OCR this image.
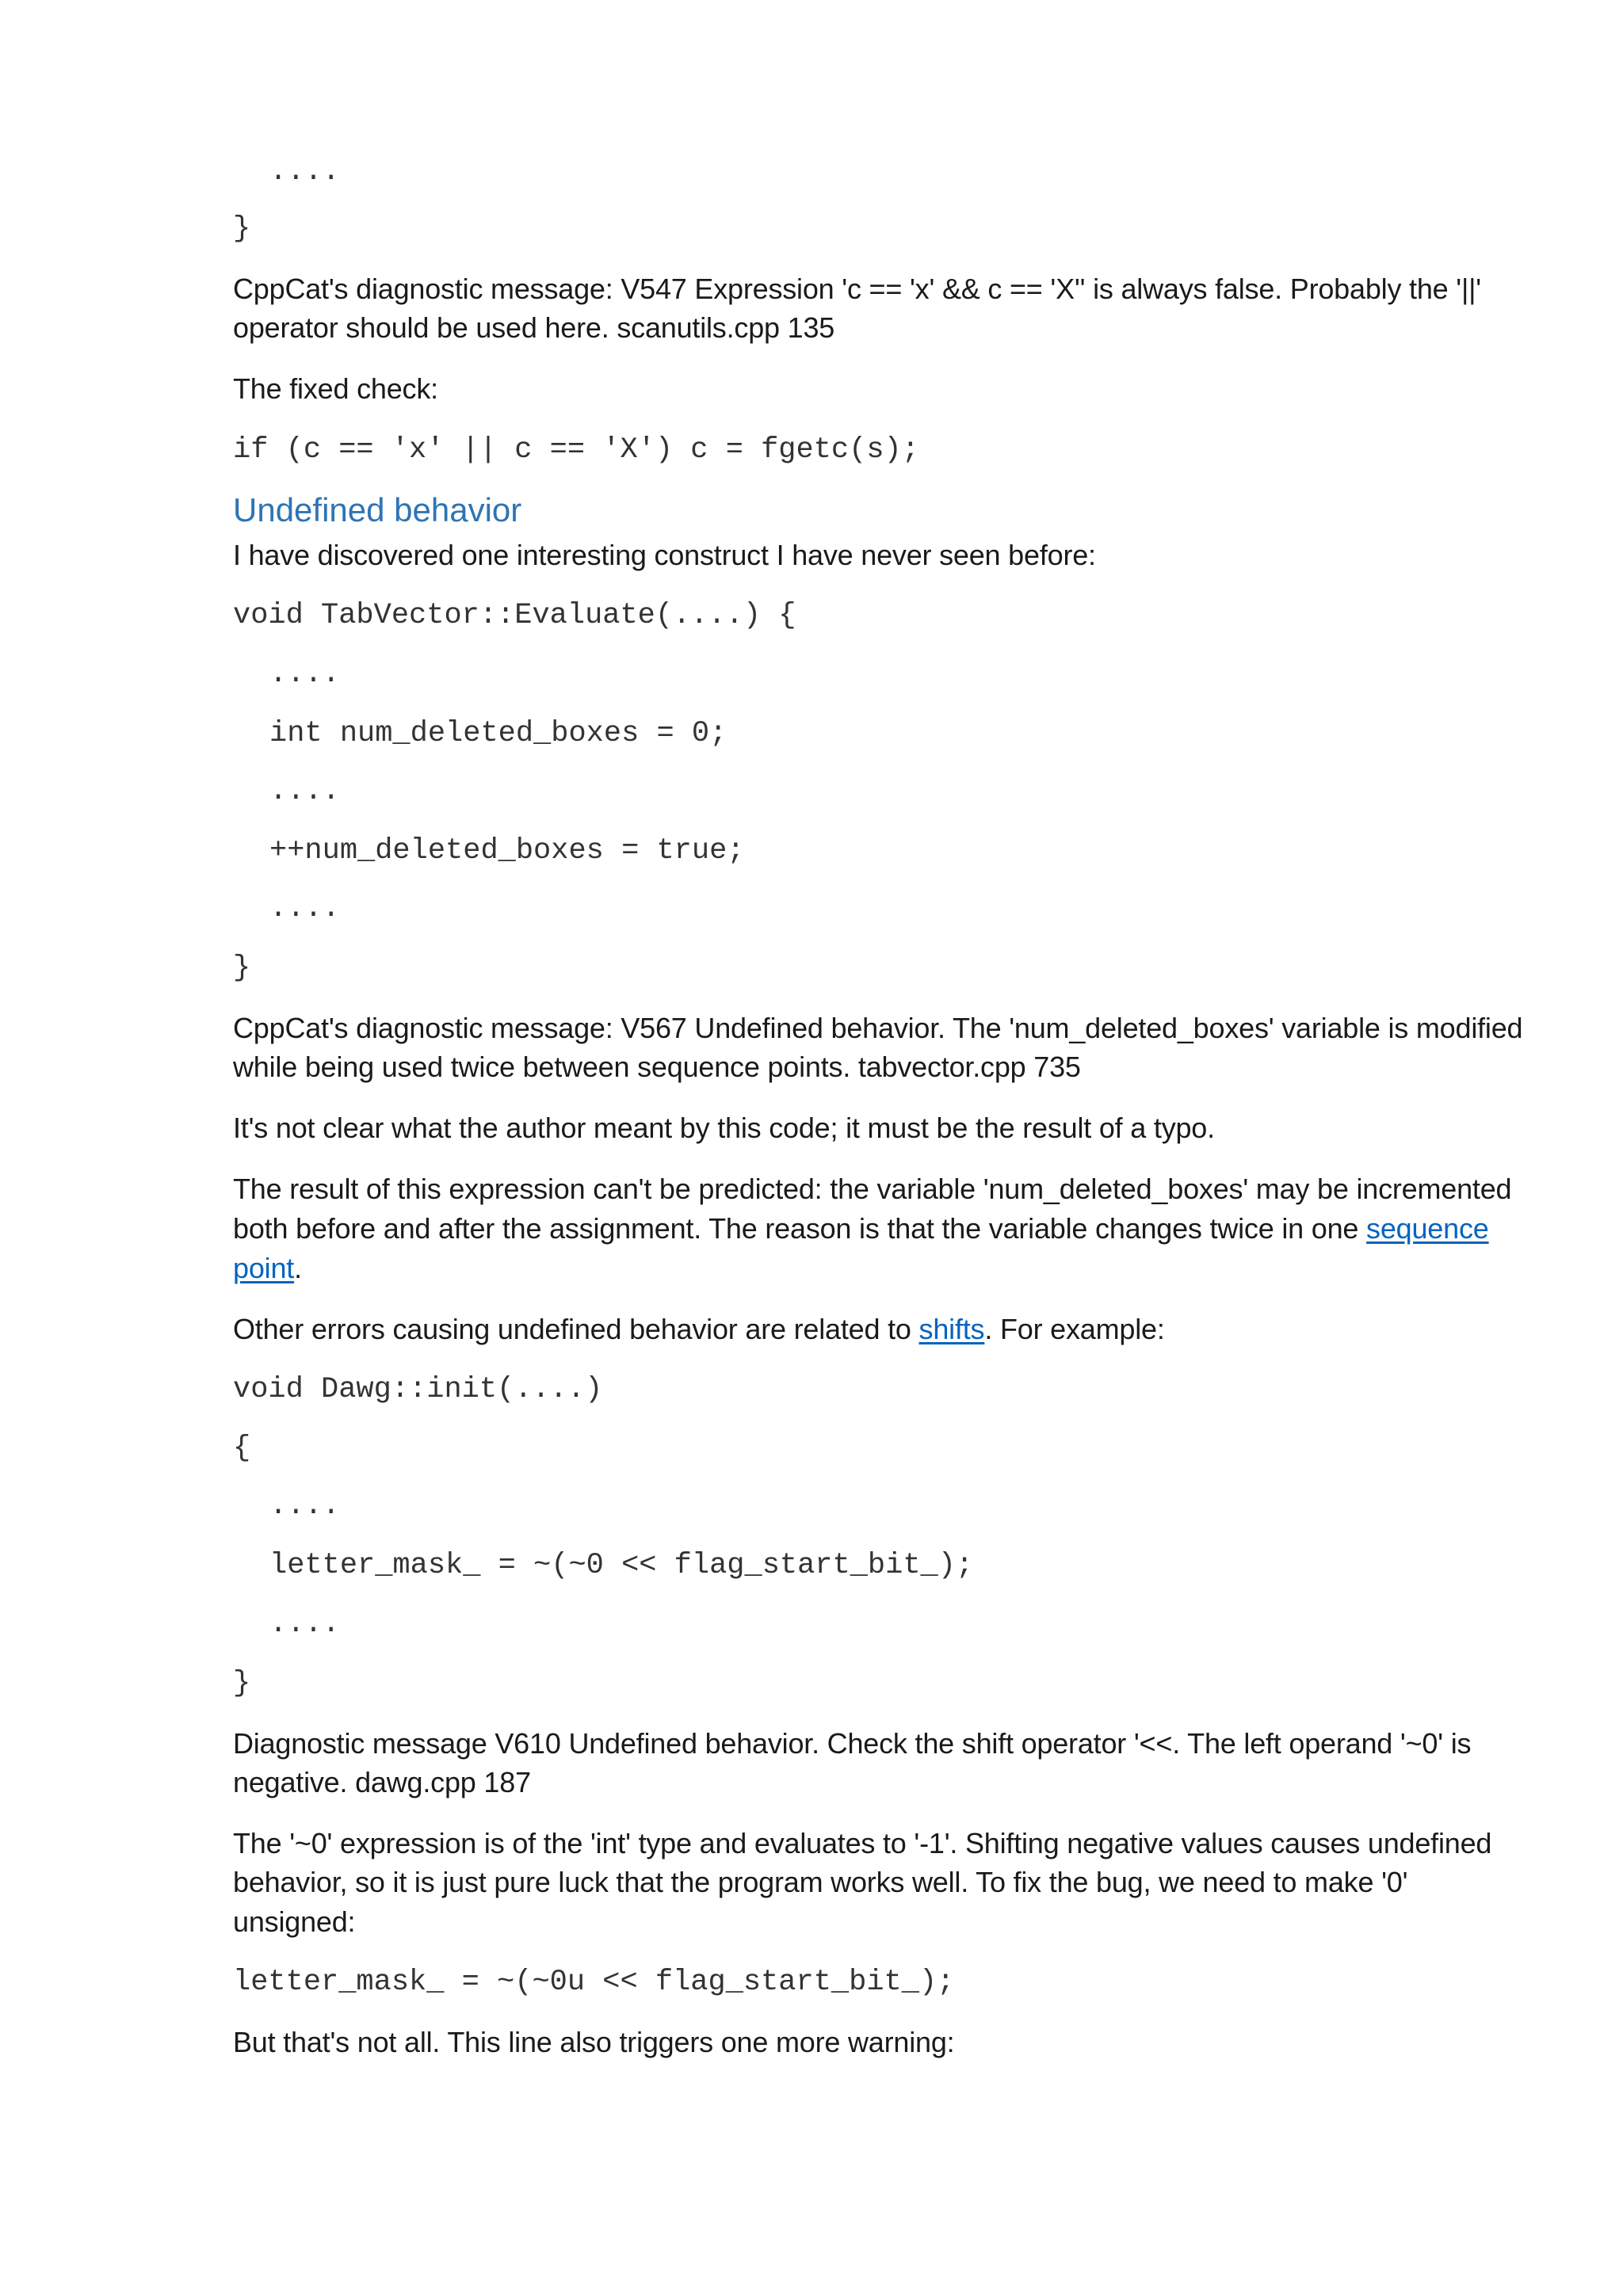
....
}
CppCat's diagnostic message: V547 Expression 'c == 'x' && c == 'X'' is always false. Probably the '||'
operator should be used here. scanutils.cpp 135
The fixed check:
if (c == 'x' || c == 'X') c = fgetc(s);
Undefined behavior
I have discovered one interesting construct I have never seen before:
void TabVector::Evaluate(....) {
....
int num_deleted_boxes = 0;
....
++num_deleted_boxes = true;
....
}
CppCat's diagnostic message: V567 Undefined behavior. The 'num_deleted_boxes' variable is modified
while being used twice between sequence points. tabvector.cpp 735
It's not clear what the author meant by this code; it must be the result of a typo.
The result of this expression can't be predicted: the variable 'num_deleted_boxes' may be incremented
both before and after the assignment. The reason is that the variable changes twice in one sequence
point.
Other errors causing undefined behavior are related to shifts. For example:
void Dawg::init(....)
{
....
letter_mask_ = ~(~0 << flag_start_bit_);
....
}
Diagnostic message V610 Undefined behavior. Check the shift operator '<<. The left operand '~0' is
negative. dawg.cpp 187
The '~0' expression is of the 'int' type and evaluates to '-1'. Shifting negative values causes undefined
behavior, so it is just pure luck that the program works well. To fix the bug, we need to make '0'
unsigned:
letter_mask_ = ~(~0u << flag_start_bit_);
But that's not all. This line also triggers one more warning:
